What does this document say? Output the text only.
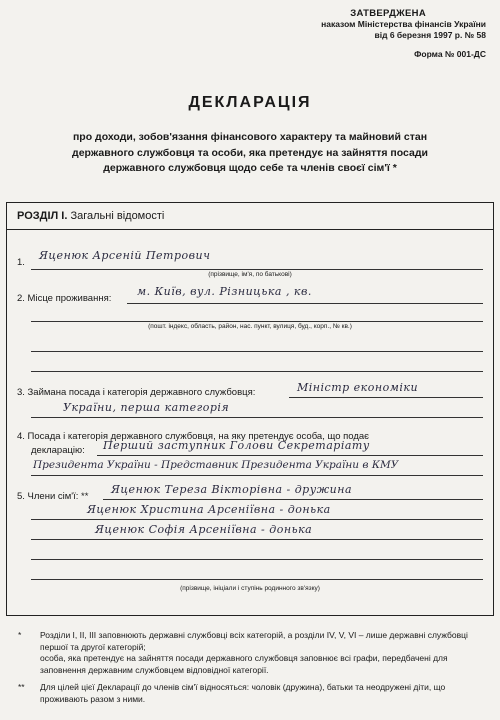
ЗАТВЕРДЖЕНА
наказом Міністерства фінансів України
від 6 березня 1997 р. № 58
Форма № 001-ДС
ДЕКЛАРАЦІЯ
про доходи, зобов'язання фінансового характеру та майновий стан
державного службовця та особи, яка претендує на зайняття посади
державного службовця щодо себе та членів своєї сім'ї *
РОЗДІЛ І. Загальні відомості
1.
Яценюк Арсеній Петрович
(прізвище, ім'я, по батькові)
2. Місце проживання:
м. Київ, вул. Різницька , кв.
(пошт. індекс, область, район, нас. пункт, вулиця, буд., корп., № кв.)
3. Займана посада і категорія державного службовця:	Міністр економіки
України, перша категорія
4. Посада і категорія державного службовця, на яку претендує особа, що подає
декларацію: Перший заступник Голови Секретаріату
Президента України - Представник Президента України в КМУ
5. Члени сім'ї: **
Яценюк Тереза Вікторівна - дружина
Яценюк Христина Арсеніївна - донька
Яценюк Софія Арсеніївна - донька
(прізвище, ініціали і ступінь родинного зв'язку)
* Розділи І, ІІ, ІІІ заповнюють державні службовці всіх категорій, а розділи IV, V, VI – лише державні службовці першої та другої категорій;
особа, яка претендує на зайняття посади державного службовця заповнює всі графи, передбачені для заповнення державним службовцем відповідної категорії.
** Для цілей цієї Декларації до членів сім'ї відносяться: чоловік (дружина), батьки та неодружені діти, що проживають разом з ними.
